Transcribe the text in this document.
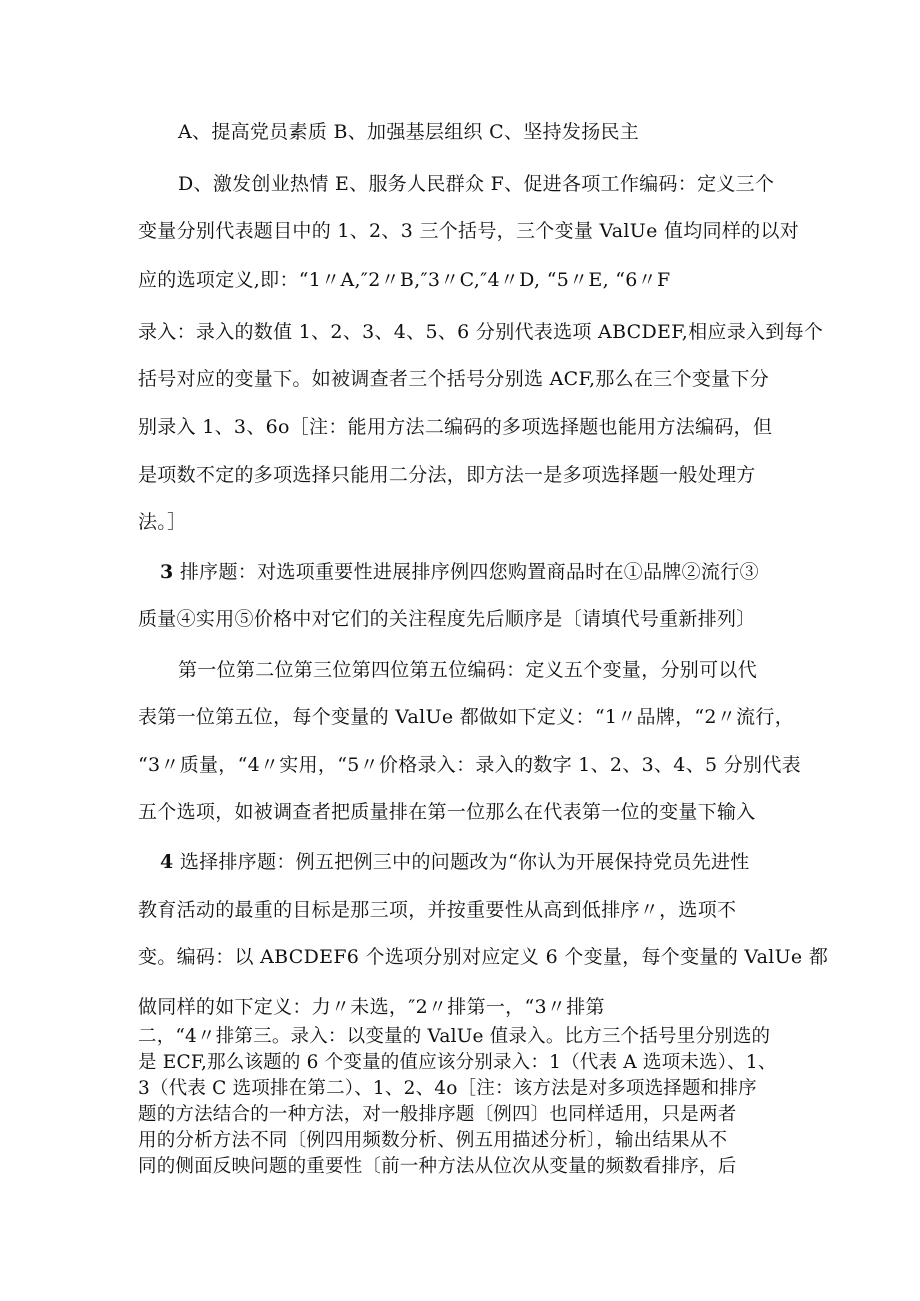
A、提高党员素质 B、加强基层组织 C、坚持发扬民主
D、激发创业热情 E、服务人民群众 F、促进各项工作编码：定义三个
变量分别代表题目中的 1、2、3 三个括号，三个变量 ValUe 值均同样的以对
应的选项定义,即：“1〃A,″2〃B,″3〃C,″4〃D, “5〃E, “6〃F
录入：录入的数值 1、2、3、4、5、6 分别代表选项 ABCDEF,相应录入到每个
括号对应的变量下。如被调查者三个括号分别选 ACF,那么在三个变量下分
别录入 1、3、6o［注：能用方法二编码的多项选择题也能用方法编码，但
是项数不定的多项选择只能用二分法，即方法一是多项选择题一般处理方
法。］
3 排序题：对选项重要性进展排序例四您购置商品时在①品牌②流行③
质量④实用⑤价格中对它们的关注程度先后顺序是〔请填代号重新排列〕
第一位第二位第三位第四位第五位编码：定义五个变量，分别可以代
表第一位第五位，每个变量的 ValUe 都做如下定义：“1〃品牌，“2〃流行，
“3〃质量，“4〃实用，“5〃价格录入：录入的数字 1、2、3、4、5 分别代表
五个选项，如被调查者把质量排在第一位那么在代表第一位的变量下输入
4 选择排序题：例五把例三中的问题改为“你认为开展保持党员先进性
教育活动的最重的目标是那三项，并按重要性从高到低排序〃，选项不
变。编码：以 ABCDEF6 个选项分别对应定义 6 个变量，每个变量的 ValUe 都
做同样的如下定义：力〃未选，″2〃排第一，“3〃排第
二，“4〃排第三。录入：以变量的 ValUe 值录入。比方三个括号里分别选的
是 ECF,那么该题的 6 个变量的值应该分别录入：1（代表 A 选项未选）、1、
3（代表 C 选项排在第二）、1、2、4o［注：该方法是对多项选择题和排序
题的方法结合的一种方法，对一般排序题〔例四〕也同样适用，只是两者
用的分析方法不同〔例四用频数分析、例五用描述分析〕，输出结果从不
同的侧面反映问题的重要性〔前一种方法从位次从变量的频数看排序，后
